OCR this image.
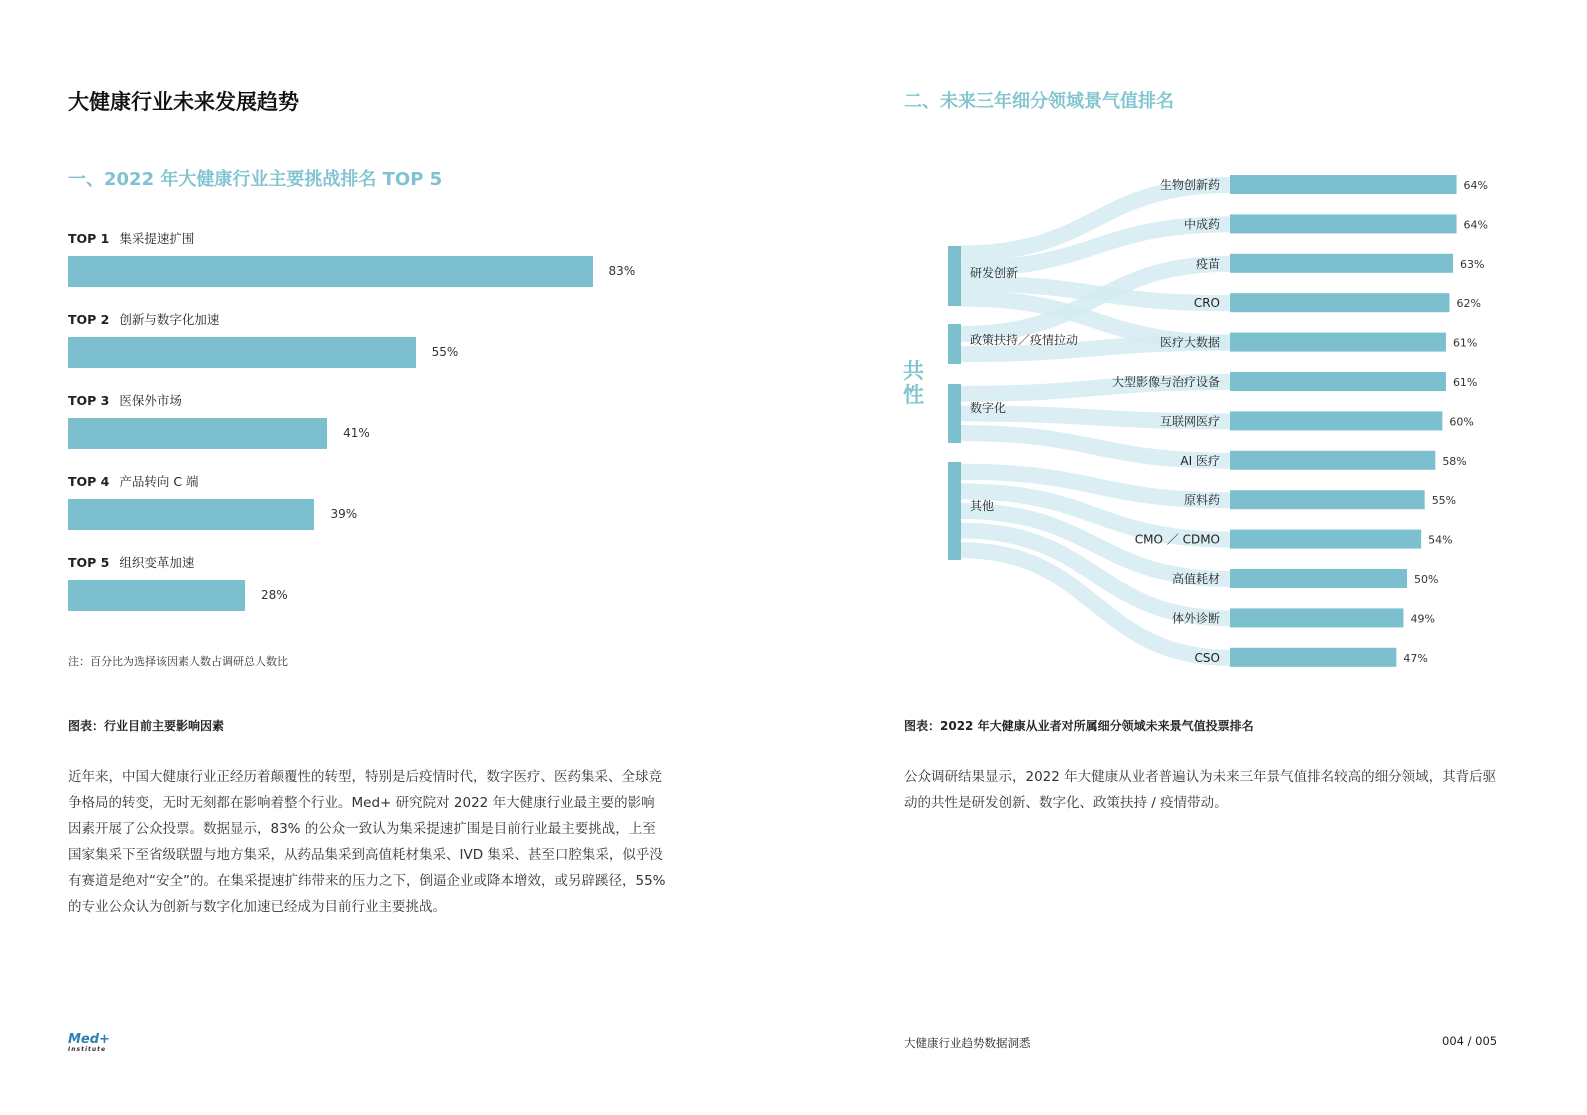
大健康行业未来发展趋势
一、2022 年大健康行业主要挑战排名 TOP 5
TOP 1 集采提速扩围
83%
TOP 2 创新与数字化加速
55%
TOP 3 医保外市场
41%
TOP 4 产品转向 C 端
39%
TOP 5 组织变革加速
28%
注：百分比为选择该因素人数占调研总人数比
图表：行业目前主要影响因素
近年来，中国大健康行业正经历着颠覆性的转型，特别是后疫情时代，数字医疗、医药集采、全球竞争格局的转变，无时无刻都在影响着整个行业。Med+ 研究院对 2022 年大健康行业最主要的影响因素开展了公众投票。数据显示，83% 的公众一致认为集采提速扩围是目前行业最主要挑战，上至国家集采下至省级联盟与地方集采，从药品集采到高值耗材集采、IVD 集采、甚至口腔集采，似乎没有赛道是绝对“安全”的。在集采提速扩纬带来的压力之下，倒逼企业或降本增效，或另辟蹊径，55% 的专业公众认为创新与数字化加速已经成为目前行业主要挑战。
二、未来三年细分领域景气值排名
研发创新
政策扶持／疫情拉动
数字化
其他
生物创新药	64%
中成药	64%
疫苗	63%
CRO	62%
医疗大数据	61%
大型影像与治疗设备	61%
互联网医疗	60%
AI 医疗	58%
原料药	55%
CMO ／ CDMO	54%
高值耗材	50%
体外诊断	49%
CSO	47%
共
性
图表：2022 年大健康从业者对所属细分领域未来景气值投票排名
公众调研结果显示，2022 年大健康从业者普遍认为未来三年景气值排名较高的细分领域，其背后驱动的共性是研发创新、数字化、政策扶持 / 疫情带动。
Med+
Institute	大健康行业趋势数据洞悉	004 / 005
